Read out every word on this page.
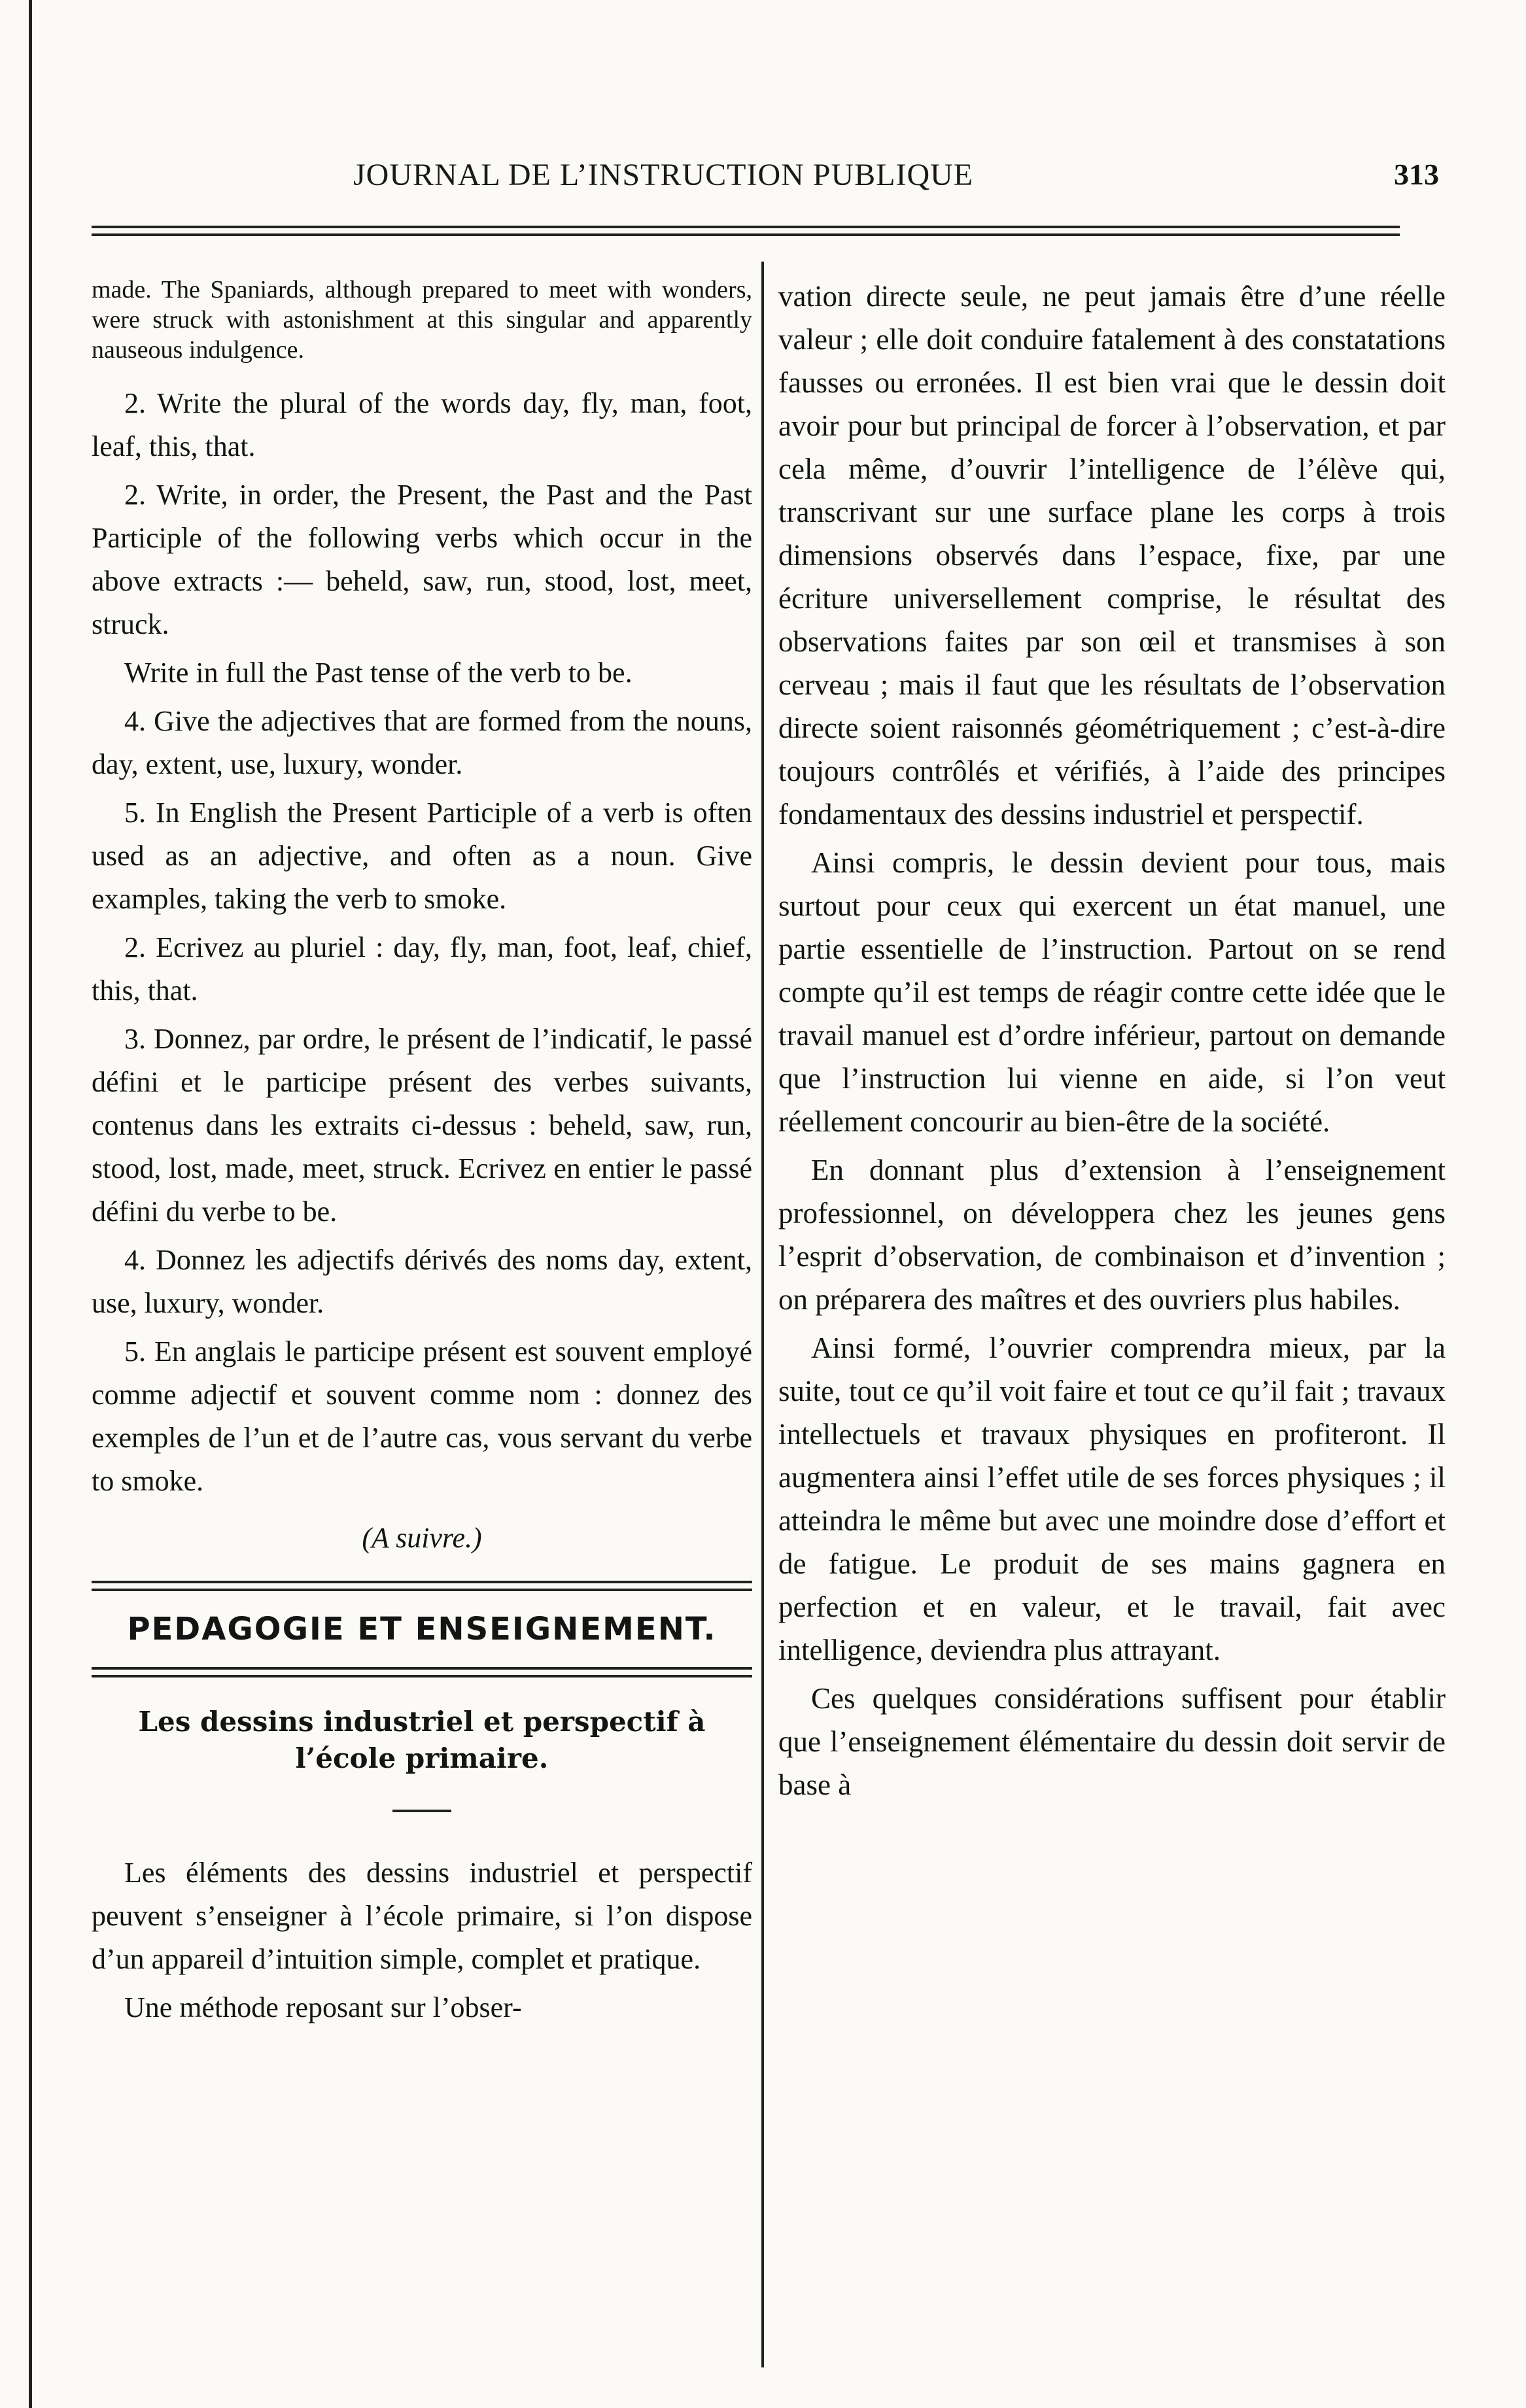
JOURNAL DE L’INSTRUCTION PUBLIQUE	313

made. The Spaniards, although prepared to meet with wonders, were struck with astonishment at this singular and apparently nauseous indulgence.

2. Write the plural of the words day, fly, man, foot, leaf, this, that.

2. Write, in order, the Present, the Past and the Past Participle of the following verbs which occur in the above extracts :— beheld, saw, run, stood, lost, meet, struck.

Write in full the Past tense of the verb to be.

4. Give the adjectives that are formed from the nouns, day, extent, use, luxury, wonder.

5. In English the Present Participle of a verb is often used as an adjective, and often as a noun. Give examples, taking the verb to smoke.

2. Ecrivez au pluriel : day, fly, man, foot, leaf, chief, this, that.

3. Donnez, par ordre, le présent de l’indicatif, le passé défini et le participe présent des verbes suivants, contenus dans les extraits ci-dessus : beheld, saw, run, stood, lost, made, meet, struck. Ecrivez en entier le passé défini du verbe to be.

4. Donnez les adjectifs dérivés des noms day, extent, use, luxury, wonder.

5. En anglais le participe présent est souvent employé comme adjectif et souvent comme nom : donnez des exemples de l’un et de l’autre cas, vous servant du verbe to smoke.

(A suivre.)
PEDAGOGIE ET ENSEIGNEMENT.
Les dessins industriel et perspectif à l’école primaire.

Les éléments des dessins industriel et perspectif peuvent s’enseigner à l’école primaire, si l’on dispose d’un appareil d’intuition simple, complet et pratique.

Une méthode reposant sur l’obser-

vation directe seule, ne peut jamais être d’une réelle valeur ; elle doit conduire fatalement à des constatations fausses ou erronées. Il est bien vrai que le dessin doit avoir pour but principal de forcer à l’observation, et par cela même, d’ouvrir l’intelligence de l’élève qui, transcrivant sur une surface plane les corps à trois dimensions observés dans l’espace, fixe, par une écriture universellement comprise, le résultat des observations faites par son œil et transmises à son cerveau ; mais il faut que les résultats de l’observation directe soient raisonnés géométriquement ; c’est-à-dire toujours contrôlés et vérifiés, à l’aide des principes fondamentaux des dessins industriel et perspectif.

Ainsi compris, le dessin devient pour tous, mais surtout pour ceux qui exercent un état manuel, une partie essentielle de l’instruction. Partout on se rend compte qu’il est temps de réagir contre cette idée que le travail manuel est d’ordre inférieur, partout on demande que l’instruction lui vienne en aide, si l’on veut réellement concourir au bien-être de la société.

En donnant plus d’extension à l’enseignement professionnel, on développera chez les jeunes gens l’esprit d’observation, de combinaison et d’invention ; on préparera des maîtres et des ouvriers plus habiles.

Ainsi formé, l’ouvrier comprendra mieux, par la suite, tout ce qu’il voit faire et tout ce qu’il fait ; travaux intellectuels et travaux physiques en profiteront. Il augmentera ainsi l’effet utile de ses forces physiques ; il atteindra le même but avec une moindre dose d’effort et de fatigue. Le produit de ses mains gagnera en perfection et en valeur, et le travail, fait avec intelligence, deviendra plus attrayant.

Ces quelques considérations suffisent pour établir que l’enseignement élémentaire du dessin doit servir de base à
